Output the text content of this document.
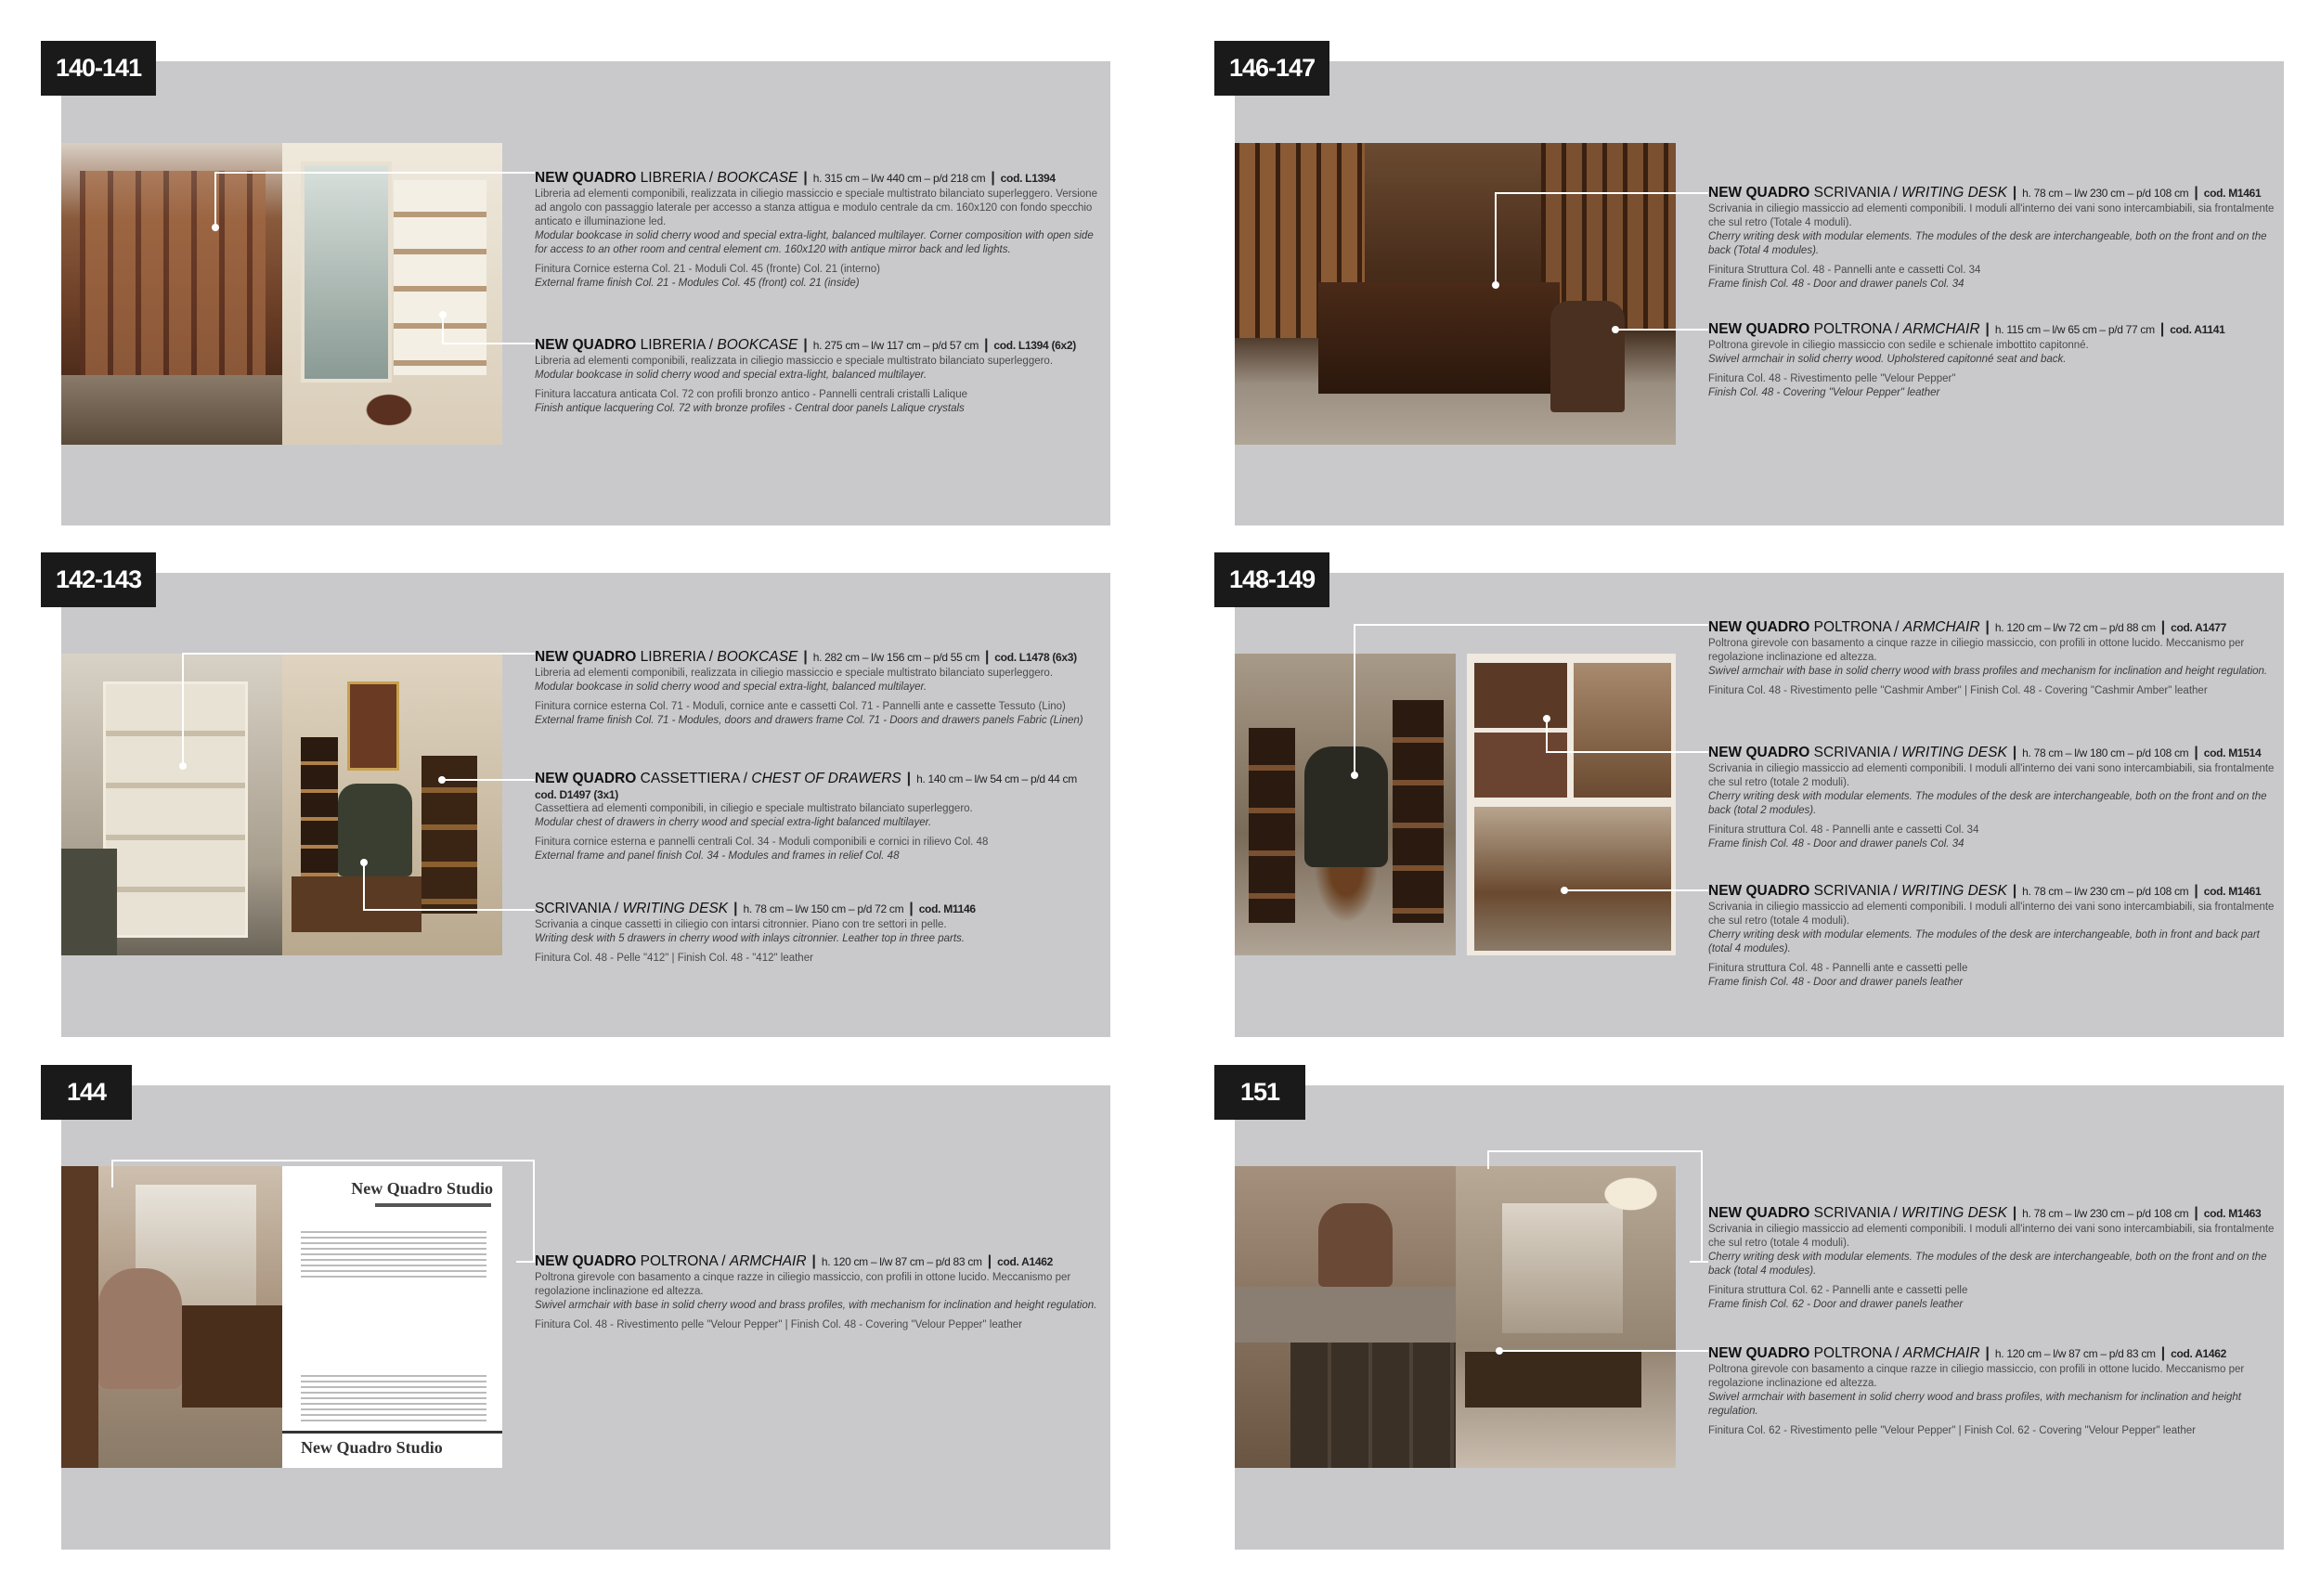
140-141
NEW QUADRO LIBRERIA / BOOKCASE | h. 315 cm – l/w 440 cm – p/d 218 cm | cod. L1394

Libreria ad elementi componibili, realizzata in ciliegio massiccio e speciale multistrato bilanciato superleggero. Versione ad angolo con passaggio laterale per accesso a stanza attigua e modulo centrale da cm. 160x120 con fondo specchio anticato e illuminazione led.

Modular bookcase in solid cherry wood and special extra-light, balanced multilayer. Corner composition with open side for access to an other room and central element cm. 160x120 with antique mirror back and led lights.

Finitura Cornice esterna Col. 21 - Moduli Col. 45 (fronte) Col. 21 (interno)

External frame finish Col. 21 - Modules Col. 45 (front) col. 21 (inside)

NEW QUADRO LIBRERIA / BOOKCASE | h. 275 cm – l/w 117 cm – p/d 57 cm | cod. L1394 (6x2)

Libreria ad elementi componibili, realizzata in ciliegio massiccio e speciale multistrato bilanciato superleggero.

Modular bookcase in solid cherry wood and special extra-light, balanced multilayer.

Finitura laccatura anticata Col. 72 con profili bronzo antico - Pannelli centrali cristalli Lalique

Finish antique lacquering Col. 72 with bronze profiles - Central door panels Lalique crystals

146-147
NEW QUADRO SCRIVANIA / WRITING DESK | h. 78 cm – l/w 230 cm – p/d 108 cm | cod. M1461

Scrivania in ciliegio massiccio ad elementi componibili. I moduli all'interno dei vani sono intercambiabili, sia frontalmente che sul retro (Totale 4 moduli).

Cherry writing desk with modular elements. The modules of the desk are interchangeable, both on the front and on the back (Total 4 modules).

Finitura Struttura Col. 48 - Pannelli ante e cassetti Col. 34

Frame finish Col. 48 - Door and drawer panels Col. 34

NEW QUADRO POLTRONA / ARMCHAIR | h. 115 cm – l/w 65 cm – p/d 77 cm | cod. A1141

Poltrona girevole in ciliegio massiccio con sedile e schienale imbottito capitonné.

Swivel armchair in solid cherry wood. Upholstered capitonné seat and back.

Finitura Col. 48 - Rivestimento pelle "Velour Pepper"

Finish Col. 48 - Covering "Velour Pepper" leather

142-143
NEW QUADRO LIBRERIA / BOOKCASE | h. 282 cm – l/w 156 cm – p/d 55 cm | cod. L1478 (6x3)

Libreria ad elementi componibili, realizzata in ciliegio massiccio e speciale multistrato bilanciato superleggero.

Modular bookcase in solid cherry wood and special extra-light, balanced multilayer.

Finitura cornice esterna Col. 71 - Moduli, cornice ante e cassetti Col. 71 - Pannelli ante e cassette Tessuto (Lino)

External frame finish Col. 71 - Modules, doors and drawers frame Col. 71 - Doors and drawers panels Fabric (Linen)

NEW QUADRO CASSETTIERA / CHEST OF DRAWERS | h. 140 cm – l/w 54 cm – p/d 44 cm
cod. D1497 (3x1)

Cassettiera ad elementi componibili, in ciliegio e speciale multistrato bilanciato superleggero.

Modular chest of drawers in cherry wood and special extra-light balanced multilayer.

Finitura cornice esterna e pannelli centrali Col. 34 - Moduli componibili e cornici in rilievo Col. 48

External frame and panel finish Col. 34 - Modules and frames in relief Col. 48

SCRIVANIA / WRITING DESK | h. 78 cm – l/w 150 cm – p/d 72 cm | cod. M1146

Scrivania a cinque cassetti in ciliegio con intarsi citronnier. Piano con tre settori in pelle.

Writing desk with 5 drawers in cherry wood with inlays citronnier. Leather top in three parts.

Finitura Col. 48 - Pelle "412" | Finish Col. 48 - "412" leather

148-149
NEW QUADRO POLTRONA / ARMCHAIR | h. 120 cm – l/w 72 cm – p/d 88 cm | cod. A1477

Poltrona girevole con basamento a cinque razze in ciliegio massiccio, con profili in ottone lucido. Meccanismo per regolazione inclinazione ed altezza.

Swivel armchair with base in solid cherry wood with brass profiles and mechanism for inclination and height regulation.

Finitura Col. 48 - Rivestimento pelle "Cashmir Amber" | Finish Col. 48 - Covering "Cashmir Amber" leather

NEW QUADRO SCRIVANIA / WRITING DESK | h. 78 cm – l/w 180 cm – p/d 108 cm | cod. M1514

Scrivania in ciliegio massiccio ad elementi componibili. I moduli all'interno dei vani sono intercambiabili, sia frontalmente che sul retro (totale 2 moduli).

Cherry writing desk with modular elements. The modules of the desk are interchangeable, both on the front and on the back (total 2 modules).

Finitura struttura Col. 48 - Pannelli ante e cassetti Col. 34

Frame finish Col. 48 - Door and drawer panels Col. 34

NEW QUADRO SCRIVANIA / WRITING DESK | h. 78 cm – l/w 230 cm – p/d 108 cm | cod. M1461

Scrivania in ciliegio massiccio ad elementi componibili. I moduli all'interno dei vani sono intercambiabili, sia frontalmente che sul retro (totale 4 moduli).

Cherry writing desk with modular elements. The modules of the desk are interchangeable, both in front and back part (total 4 modules).

Finitura struttura Col. 48 - Pannelli ante e cassetti pelle

Frame finish Col. 48 - Door and drawer panels leather

144
New Quadro Studio
New Quadro Studio
NEW QUADRO POLTRONA / ARMCHAIR | h. 120 cm – l/w 87 cm – p/d 83 cm | cod. A1462

Poltrona girevole con basamento a cinque razze in ciliegio massiccio, con profili in ottone lucido. Meccanismo per regolazione inclinazione ed altezza.

Swivel armchair with base in solid cherry wood and brass profiles, with mechanism for inclination and height regulation.

Finitura Col. 48 - Rivestimento pelle "Velour Pepper" | Finish Col. 48 - Covering "Velour Pepper" leather

151
NEW QUADRO SCRIVANIA / WRITING DESK | h. 78 cm – l/w 230 cm – p/d 108 cm | cod. M1463

Scrivania in ciliegio massiccio ad elementi componibili. I moduli all'interno dei vani sono intercambiabili, sia frontalmente che sul retro (totale 4 moduli).

Cherry writing desk with modular elements. The modules of the desk are interchangeable, both on the front and on the back (total 4 modules).

Finitura struttura Col. 62 - Pannelli ante e cassetti pelle

Frame finish Col. 62 - Door and drawer panels leather

NEW QUADRO POLTRONA / ARMCHAIR | h. 120 cm – l/w 87 cm – p/d 83 cm | cod. A1462

Poltrona girevole con basamento a cinque razze in ciliegio massiccio, con profili in ottone lucido. Meccanismo per regolazione inclinazione ed altezza.

Swivel armchair with basement in solid cherry wood and brass profiles, with mechanism for inclination and height regulation.

Finitura Col. 62 - Rivestimento pelle "Velour Pepper" | Finish Col. 62 - Covering "Velour Pepper" leather
